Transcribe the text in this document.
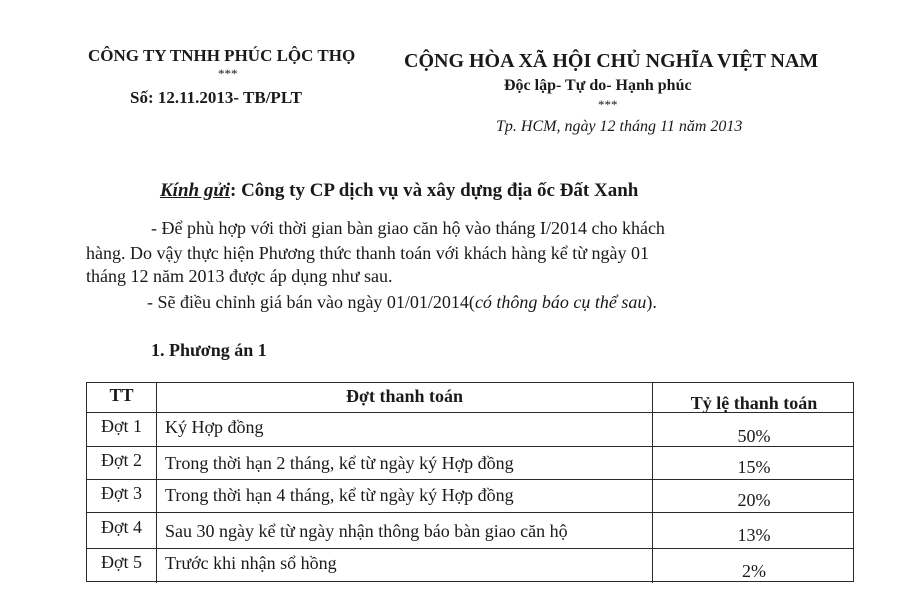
CÔNG TY TNHH PHÚC LỘC THỌ
***
Số: 12.11.2013- TB/PLT
CỘNG HÒA XÃ HỘI CHỦ NGHĨA VIỆT NAM
Độc lập- Tự do- Hạnh phúc
***
Tp. HCM, ngày 12 tháng 11 năm 2013
Kính gửi: Công ty CP dịch vụ và xây dựng địa ốc Đất Xanh
- Để phù hợp với thời gian bàn giao căn hộ vào tháng I/2014 cho khách
hàng. Do vậy thực hiện Phương thức thanh toán với khách hàng kể từ ngày 01
tháng 12 năm 2013 được áp dụng như sau.
- Sẽ điều chỉnh giá bán vào ngày 01/01/2014(có thông báo cụ thể sau).
1. Phương án 1
TT	Đợt thanh toán	Tỷ lệ thanh toán
Đợt 1	Ký Hợp đồng	50%
Đợt 2	Trong thời hạn 2 tháng, kể từ ngày ký Hợp đồng	15%
Đợt 3	Trong thời hạn 4 tháng, kể từ ngày ký Hợp đồng	20%
Đợt 4	Sau 30 ngày kể từ ngày nhận thông báo bàn giao căn hộ	13%
Đợt 5	Trước khi nhận sổ hồng	2%
